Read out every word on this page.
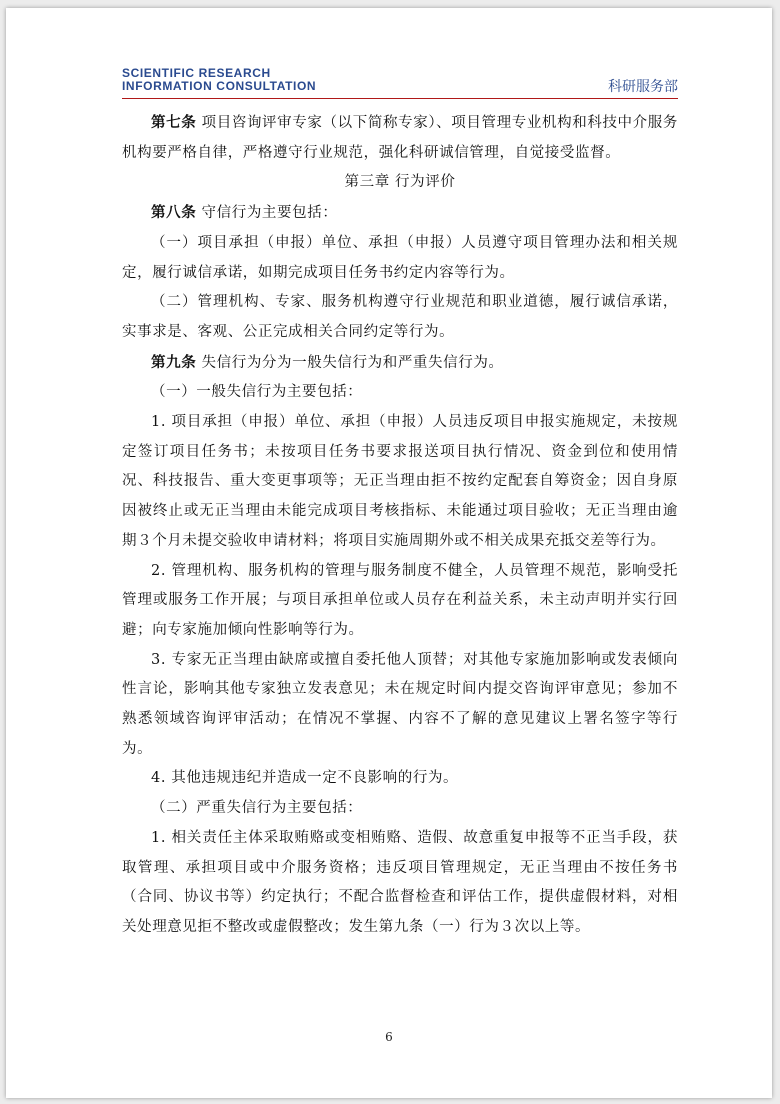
SCIENTIFIC RESEARCH
INFORMATION CONSULTATION	科研服务部

第七条 项目咨询评审专家（以下简称专家）、项目管理专业机构和科技中介服务机构要严格自律，严格遵守行业规范，强化科研诚信管理，自觉接受监督。

第三章 行为评价

第八条 守信行为主要包括：

（一）项目承担（申报）单位、承担（申报）人员遵守项目管理办法和相关规定，履行诚信承诺，如期完成项目任务书约定内容等行为。

（二）管理机构、专家、服务机构遵守行业规范和职业道德，履行诚信承诺，实事求是、客观、公正完成相关合同约定等行为。

第九条 失信行为分为一般失信行为和严重失信行为。

（一）一般失信行为主要包括：

1. 项目承担（申报）单位、承担（申报）人员违反项目申报实施规定，未按规定签订项目任务书；未按项目任务书要求报送项目执行情况、资金到位和使用情况、科技报告、重大变更事项等；无正当理由拒不按约定配套自筹资金；因自身原因被终止或无正当理由未能完成项目考核指标、未能通过项目验收；无正当理由逾期３个月未提交验收申请材料；将项目实施周期外或不相关成果充抵交差等行为。

2. 管理机构、服务机构的管理与服务制度不健全，人员管理不规范，影响受托管理或服务工作开展；与项目承担单位或人员存在利益关系，未主动声明并实行回避；向专家施加倾向性影响等行为。

3. 专家无正当理由缺席或擅自委托他人顶替；对其他专家施加影响或发表倾向性言论，影响其他专家独立发表意见；未在规定时间内提交咨询评审意见；参加不熟悉领域咨询评审活动；在情况不掌握、内容不了解的意见建议上署名签字等行为。

4. 其他违规违纪并造成一定不良影响的行为。

（二）严重失信行为主要包括：

1. 相关责任主体采取贿赂或变相贿赂、造假、故意重复申报等不正当手段，获取管理、承担项目或中介服务资格；违反项目管理规定，无正当理由不按任务书（合同、协议书等）约定执行；不配合监督检查和评估工作，提供虚假材料，对相关处理意见拒不整改或虚假整改；发生第九条（一）行为３次以上等。

6
